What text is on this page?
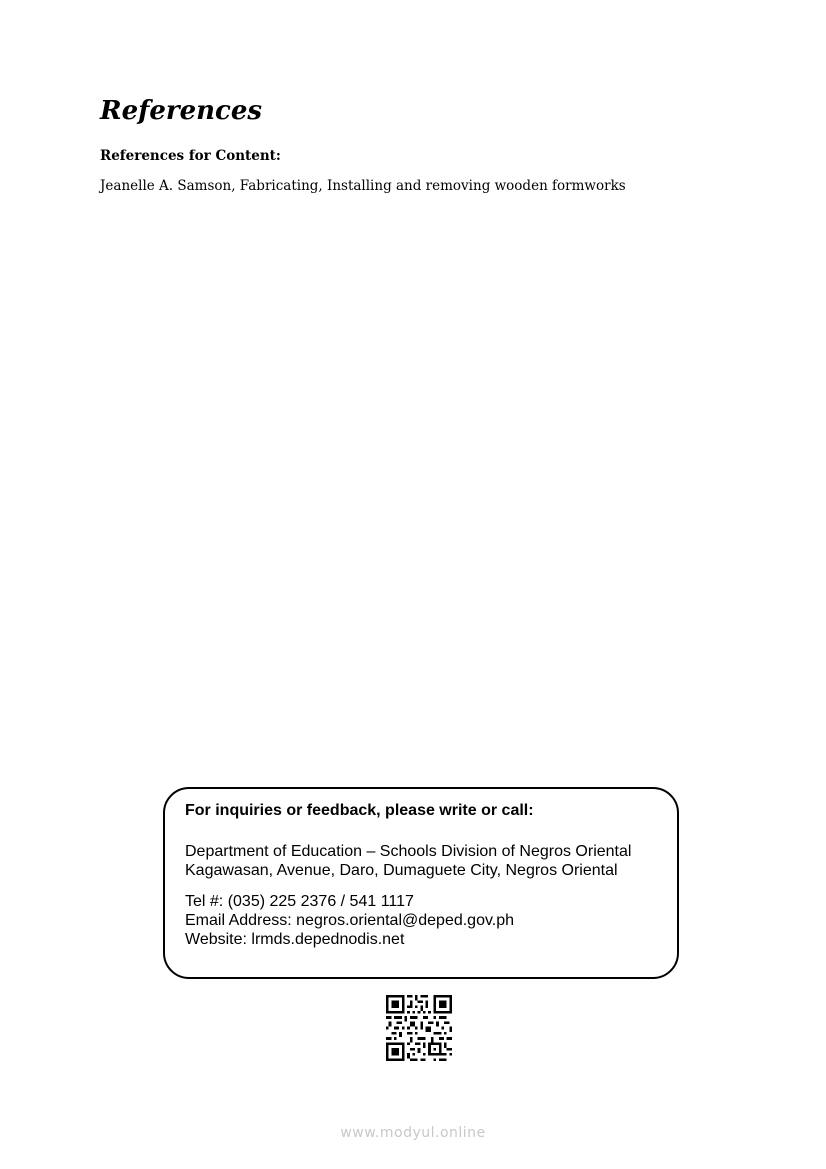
References

References for Content:

Jeanelle A. Samson, Fabricating, Installing and removing wooden formworks

For inquiries or feedback, please write or call:

Department of Education – Schools Division of Negros Oriental

Kagawasan, Avenue, Daro, Dumaguete City, Negros Oriental

Tel #: (035) 225 2376 / 541 1117

Email Address: negros.oriental@deped.gov.ph

Website: lrmds.depednodis.net

www.modyul.online
